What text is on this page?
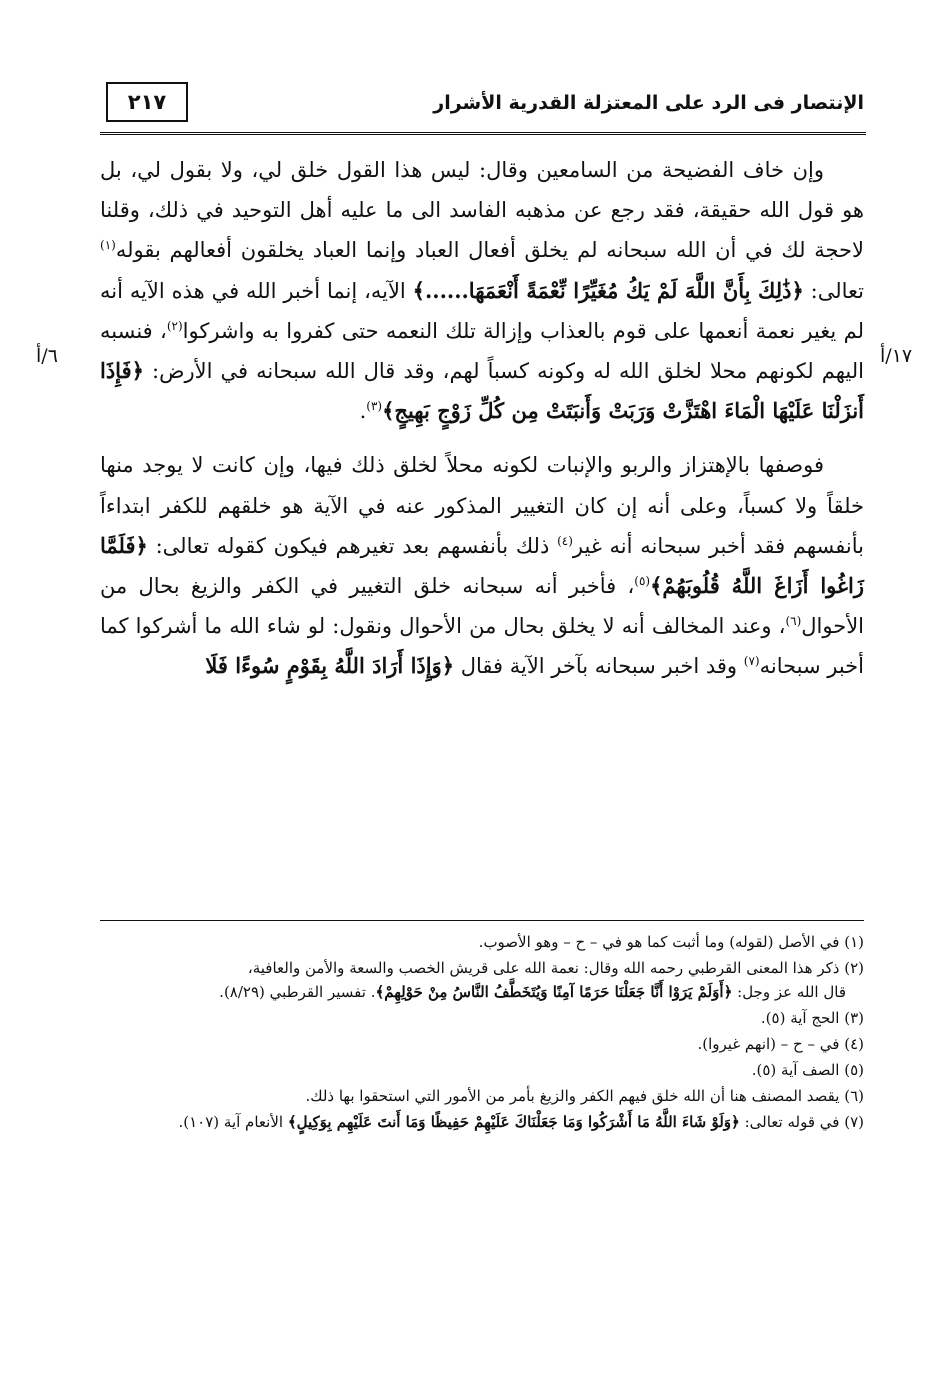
٢١٧	الإنتصار فى الرد على المعتزلة القدرية الأشرار
١٧/أ
٦/أ

وإن خاف الفضيحة من السامعين وقال: ليس هذا القول خلق لي، ولا بقول لي، بل هو قول الله حقيقة، فقد رجع عن مذهبه الفاسد الى ما عليه أهل التوحيد في ذلك، وقلنا لاحجة لك في أن الله سبحانه لم يخلق أفعال العباد وإنما العباد يخلقون أفعالهم بقوله$^{(١)}$ تعالى: ﴿ذَٰلِكَ بِأَنَّ اللَّهَ لَمْ يَكُ مُغَيِّرًا نِّعْمَةً أَنْعَمَهَا......﴾ الآيه، إنما أخبر الله في هذه الآيه أنه لم يغير نعمة أنعمها على قوم بالعذاب وإزالة تلك النعمه حتى كفروا به واشركوا$^{(٢)}$، فنسبه اليهم لكونهم محلا لخلق الله له وكونه كسباً لهم، وقد قال الله سبحانه في الأرض: ﴿فَإِذَا أَنزَلْنَا عَلَيْهَا الْمَاءَ اهْتَزَّتْ وَرَبَتْ وَأَنبَتَتْ مِن كُلِّ زَوْجٍ بَهِيجٍ﴾$^{(٣)}$.

فوصفها بالإهتزاز والربو والإنبات لكونه محلاً لخلق ذلك فيها، وإن كانت لا يوجد منها خلقاً ولا كسباً، وعلى أنه إن كان التغيير المذكور عنه في الآية هو خلقهم للكفر ابتداءاً بأنفسهم فقد أخبر سبحانه أنه غير$^{(٤)}$ ذلك بأنفسهم بعد تغيرهم فيكون كقوله تعالى: ﴿فَلَمَّا زَاغُوا أَزَاغَ اللَّهُ قُلُوبَهُمْ﴾$^{(٥)}$، فأخبر أنه سبحانه خلق التغيير في الكفر والزيغ بحال من الأحوال$^{(٦)}$، وعند المخالف أنه لا يخلق بحال من الأحوال ونقول: لو شاء الله ما أشركوا كما أخبر سبحانه$^{(٧)}$ وقد اخبر سبحانه بآخر الآية فقال ﴿وَإِذَا أَرَادَ اللَّهُ بِقَوْمٍ سُوءًا فَلَا

(١) في الأصل (لقوله) وما أثبت كما هو في – ح – وهو الأصوب.

(٢) ذكر هذا المعنى القرطبي رحمه الله وقال: نعمة الله على قريش الخصب والسعة والأمن والعافية،
قال الله عز وجل: ﴿أَوَلَمْ يَرَوْا أَنَّا جَعَلْنَا حَرَمًا آمِنًا وَيُتَخَطَّفُ النَّاسُ مِنْ حَوْلِهِمْ﴾. تفسير القرطبي (٨/٢٩).

(٣) الحج آية (٥).

(٤) في – ح – (انهم غيروا).

(٥) الصف آية (٥).

(٦) يقصد المصنف هنا أن الله خلق فيهم الكفر والزيغ بأمر من الأمور التي استحقوا بها ذلك.

(٧) في قوله تعالى: ﴿وَلَوْ شَاءَ اللَّهُ مَا أَشْرَكُوا وَمَا جَعَلْنَاكَ عَلَيْهِمْ حَفِيظًا وَمَا أَنتَ عَلَيْهِم بِوَكِيلٍ﴾ الأنعام آية (١٠٧).
